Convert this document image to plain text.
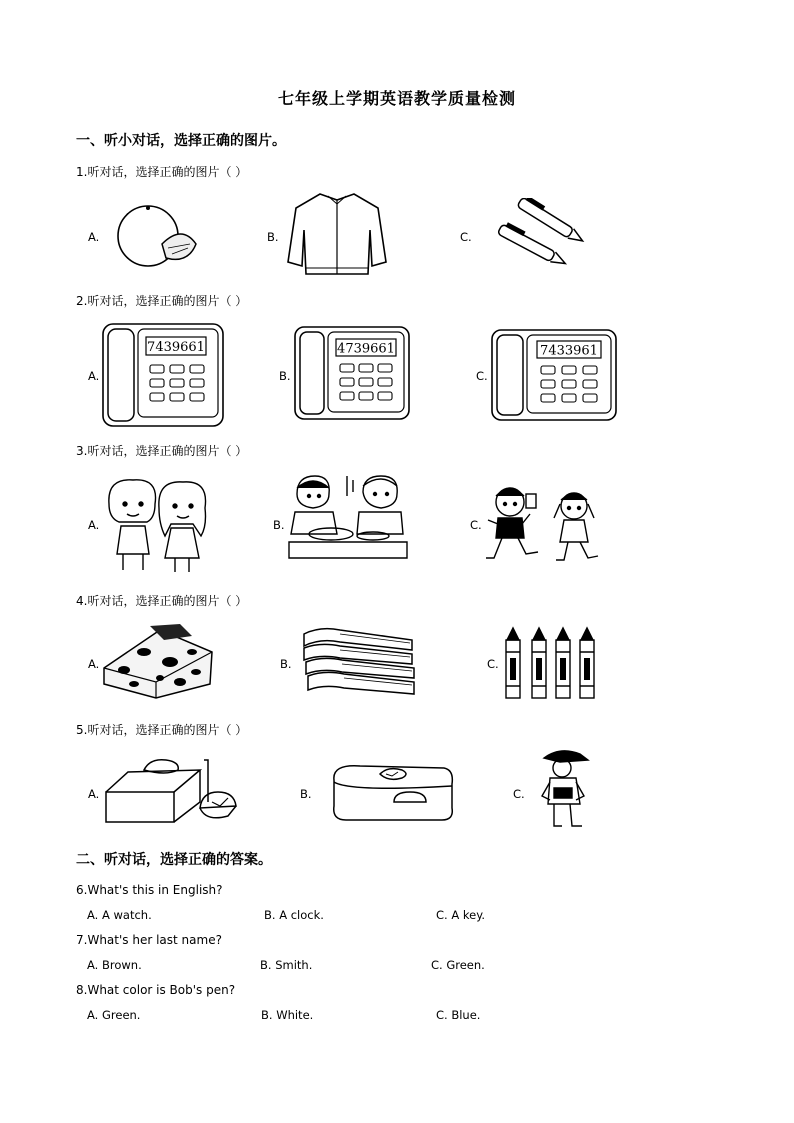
七年级上学期英语教学质量检测
一、听小对话，选择正确的图片。
1.听对话，选择正确的图片（ ）
A.	B.	C.
2.听对话，选择正确的图片（ ）
A.
7439661
B.
4739661
C.
7433961
3.听对话，选择正确的图片（ ）
A.	B.	C.
4.听对话，选择正确的图片（ ）
A.	B.	C.
5.听对话，选择正确的图片（ ）
A.	B.	C.
二、听对话，选择正确的答案。
6.What's this in English?
A. A watch.	B. A clock.	C. A key.
7.What's her last name?
A. Brown.	B. Smith.	C. Green.
8.What color is Bob's pen?
A. Green.	B. White.	C. Blue.
